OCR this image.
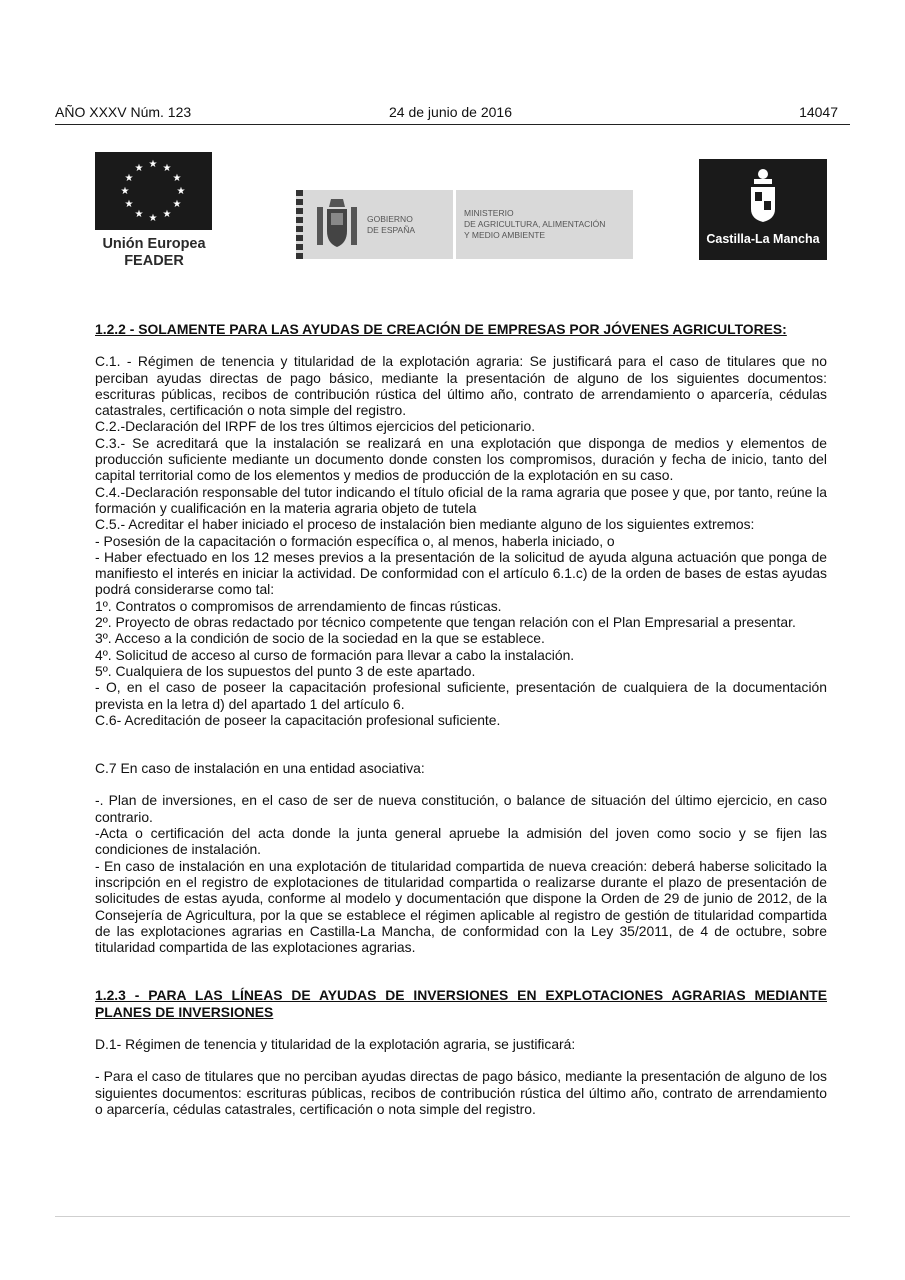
AÑO XXXV Núm. 123	24 de junio de 2016	14047
★ ★
★
★
★
★
★
★
★
★
★
★
Unión Europea
FEADER
GOBIERNO
DE ESPAÑA
MINISTERIO
DE AGRICULTURA, ALIMENTACIÓN
Y MEDIO AMBIENTE	Castilla-La Mancha

1.2.2 - SOLAMENTE PARA LAS AYUDAS DE CREACIÓN DE EMPRESAS POR JÓVENES AGRICULTORES:

C.1. - Régimen de tenencia y titularidad de la explotación agraria: Se justificará para el caso de titulares que no perciban ayudas directas de pago básico, mediante la presentación de alguno de los siguientes documentos: escrituras públicas, recibos de contribución rústica del último año, contrato de arrendamiento o aparcería, cédulas catastrales, certificación o nota simple del registro.

C.2.-Declaración del IRPF de los tres últimos ejercicios del peticionario.

C.3.- Se acreditará que la instalación se realizará en una explotación que disponga de medios y elementos de producción suficiente mediante un documento donde consten los compromisos, duración y fecha de inicio, tanto del capital territorial como de los elementos y medios de producción de la explotación en su caso.

C.4.-Declaración responsable del tutor indicando el título oficial de la rama agraria que posee y que, por tanto, reúne la formación y cualificación en la materia agraria objeto de tutela

C.5.- Acreditar el haber iniciado el proceso de instalación bien mediante alguno de los siguientes extremos:

- Posesión de la capacitación o formación específica o, al menos, haberla iniciado, o

- Haber efectuado en los 12 meses previos a la presentación de la solicitud de ayuda alguna actuación que ponga de manifiesto el interés en iniciar la actividad. De conformidad con el artículo 6.1.c) de la orden de bases de estas ayudas podrá considerarse como tal:

1º. Contratos o compromisos de arrendamiento de fincas rústicas.

2º. Proyecto de obras redactado por técnico competente que tengan relación con el Plan Empresarial a presentar.

3º. Acceso a la condición de socio de la sociedad en la que se establece.

4º. Solicitud de acceso al curso de formación para llevar a cabo la instalación.

5º. Cualquiera de los supuestos del punto 3 de este apartado.

- O, en el caso de poseer la capacitación profesional suficiente, presentación de cualquiera de la documentación prevista en la letra d) del apartado 1 del artículo 6.

C.6- Acreditación de poseer la capacitación profesional suficiente.

C.7 En caso de instalación en una entidad asociativa:

-. Plan de inversiones, en el caso de ser de nueva constitución, o balance de situación del último ejercicio, en caso contrario.

-Acta o certificación del acta donde la junta general apruebe la admisión del joven como socio y se fijen las condiciones de instalación.

- En caso de instalación en una explotación de titularidad compartida de nueva creación: deberá haberse solicitado la inscripción en el registro de explotaciones de titularidad compartida o realizarse durante el plazo de presentación de solicitudes de estas ayuda, conforme al modelo y documentación que dispone la Orden de 29 de junio de 2012, de la Consejería de Agricultura, por la que se establece el régimen aplicable al registro de gestión de titularidad compartida de las explotaciones agrarias en Castilla-La Mancha, de conformidad con la Ley 35/2011, de 4 de octubre, sobre titularidad compartida de las explotaciones agrarias.

1.2.3 - PARA LAS LÍNEAS DE AYUDAS DE INVERSIONES EN EXPLOTACIONES AGRARIAS MEDIANTE PLANES DE INVERSIONES

D.1- Régimen de tenencia y titularidad de la explotación agraria, se justificará:

- Para el caso de titulares que no perciban ayudas directas de pago básico, mediante la presentación de alguno de los siguientes documentos: escrituras públicas, recibos de contribución rústica del último año, contrato de arrendamiento o aparcería, cédulas catastrales, certificación o nota simple del registro.
